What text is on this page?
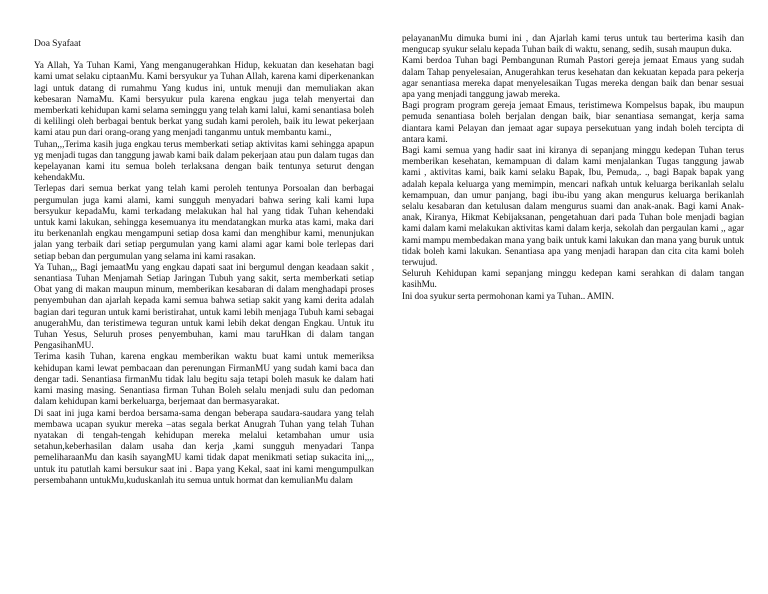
Doa Syafaat

Ya Allah, Ya Tuhan Kami, Yang menganugerahkan Hidup, kekuatan dan kesehatan bagi kami umat selaku ciptaanMu. Kami bersyukur ya Tuhan Allah, karena kami diperkenankan lagi untuk datang di rumahmu Yang kudus ini, untuk menuji dan memuliakan akan kebesaran NamaMu. Kami bersyukur pula karena engkau juga telah menyertai dan memberkati kehidupan kami selama seminggu yang telah kami lalui, kami senantiasa boleh di kelilingi oleh berbagai bentuk berkat yang sudah kami peroleh, baik itu lewat pekerjaan kami atau pun dari orang-orang yang menjadi tanganmu untuk membantu kami.,

Tuhan,,,Terima kasih juga engkau terus memberkati setiap aktivitas kami sehingga apapun yg menjadi tugas dan tanggung jawab kami baik dalam pekerjaan atau pun dalam tugas dan kepelayanan kami itu semua boleh terlaksana dengan baik tentunya seturut dengan kehendakMu.

Terlepas dari semua berkat yang telah kami peroleh tentunya Porsoalan dan berbagai pergumulan juga kami alami, kami sungguh menyadari bahwa sering kali kami lupa bersyukur kepadaMu, kami terkadang melakukan hal hal yang tidak Tuhan kehendaki untuk kami lakukan, sehingga kesemuanya itu mendatangkan murka atas kami, maka dari itu berkenanlah engkau mengampuni setiap dosa kami dan menghibur kami, menunjukan jalan yang terbaik dari setiap pergumulan yang kami alami agar kami bole terlepas dari setiap beban dan pergumulan yang selama ini kami rasakan.

Ya Tuhan,,, Bagi jemaatMu yang engkau dapati saat ini bergumul dengan keadaan sakit , senantiasa Tuhan Menjamah Setiap Jaringan Tubuh yang sakit, serta memberkati setiap Obat yang di makan maupun minum, memberikan kesabaran di dalam menghadapi proses penyembuhan dan ajarlah kepada kami semua bahwa setiap sakit yang kami derita adalah bagian dari teguran untuk kami beristirahat, untuk kami lebih menjaga Tubuh kami sebagai anugerahMu, dan teristimewa teguran untuk kami lebih dekat dengan Engkau. Untuk itu Tuhan Yesus, Seluruh proses penyembuhan, kami mau taruHkan di dalam tangan PengasihanMU.

Terima kasih Tuhan, karena engkau memberikan waktu buat kami untuk memeriksa kehidupan kami lewat pembacaan dan perenungan FirmanMU yang sudah kami baca dan dengar tadi. Senantiasa firmanMu tidak lalu begitu saja tetapi boleh masuk ke dalam hati kami masing masing. Senantiasa firman Tuhan Boleh selalu menjadi sulu dan pedoman dalam kehidupan kami berkeluarga, berjemaat dan bermasyarakat.

Di saat ini juga kami berdoa bersama-sama dengan beberapa saudara-saudara yang telah membawa ucapan syukur mereka –atas segala berkat Anugrah Tuhan yang telah Tuhan nyatakan di tengah-tengah kehidupan mereka melalui ketambahan umur usia setahun,keberhasilan dalam usaha dan kerja ,kami sungguh menyadari Tanpa pemeliharaanMu dan kasih sayangMU kami tidak dapat menikmati setiap sukacita ini,,,, untuk itu patutlah kami bersukur saat ini . Bapa yang Kekal, saat ini kami mengumpulkan persembahann untukMu,kuduskanlah itu semua untuk hormat dan kemulianMu dalam

pelayananMu dimuka bumi ini , dan Ajarlah kami terus untuk tau berterima kasih dan mengucap syukur selalu kepada Tuhan baik di waktu, senang, sedih, susah maupun duka.

Kami berdoa Tuhan bagi Pembangunan Rumah Pastori gereja jemaat Emaus yang sudah dalam Tahap penyelesaian, Anugerahkan terus kesehatan dan kekuatan kepada para pekerja agar senantiasa mereka dapat menyelesaikan Tugas mereka dengan baik dan benar sesuai apa yang menjadi tanggung jawab mereka.

Bagi program program gereja jemaat Emaus, teristimewa Kompelsus bapak, ibu maupun pemuda senantiasa boleh berjalan dengan baik, biar senantiasa semangat, kerja sama diantara kami Pelayan dan jemaat agar supaya persekutuan yang indah boleh tercipta di antara kami.

Bagi kami semua yang hadir saat ini kiranya di sepanjang minggu kedepan Tuhan terus memberikan kesehatan, kemampuan di dalam kami menjalankan Tugas tanggung jawab kami , aktivitas kami, baik kami selaku Bapak, Ibu, Pemuda,. ., bagi Bapak bapak yang adalah kepala keluarga yang memimpin, mencari nafkah untuk keluarga berikanlah selalu kemampuan, dan umur panjang, bagi ibu-ibu yang akan mengurus keluarga berikanlah selalu kesabaran dan ketulusan dalam mengurus suami dan anak-anak. Bagi kami Anak-anak, Kiranya, Hikmat Kebijaksanan, pengetahuan dari pada Tuhan bole menjadi bagian kami dalam kami melakukan aktivitas kami dalam kerja, sekolah dan pergaulan kami ,, agar kami mampu membedakan mana yang baik untuk kami lakukan dan mana yang buruk untuk tidak boleh kami lakukan. Senantiasa apa yang menjadi harapan dan cita cita kami boleh terwujud.

Seluruh Kehidupan kami sepanjang minggu kedepan kami serahkan di dalam tangan kasihMu.

Ini doa syukur serta permohonan kami ya Tuhan.. AMIN.
